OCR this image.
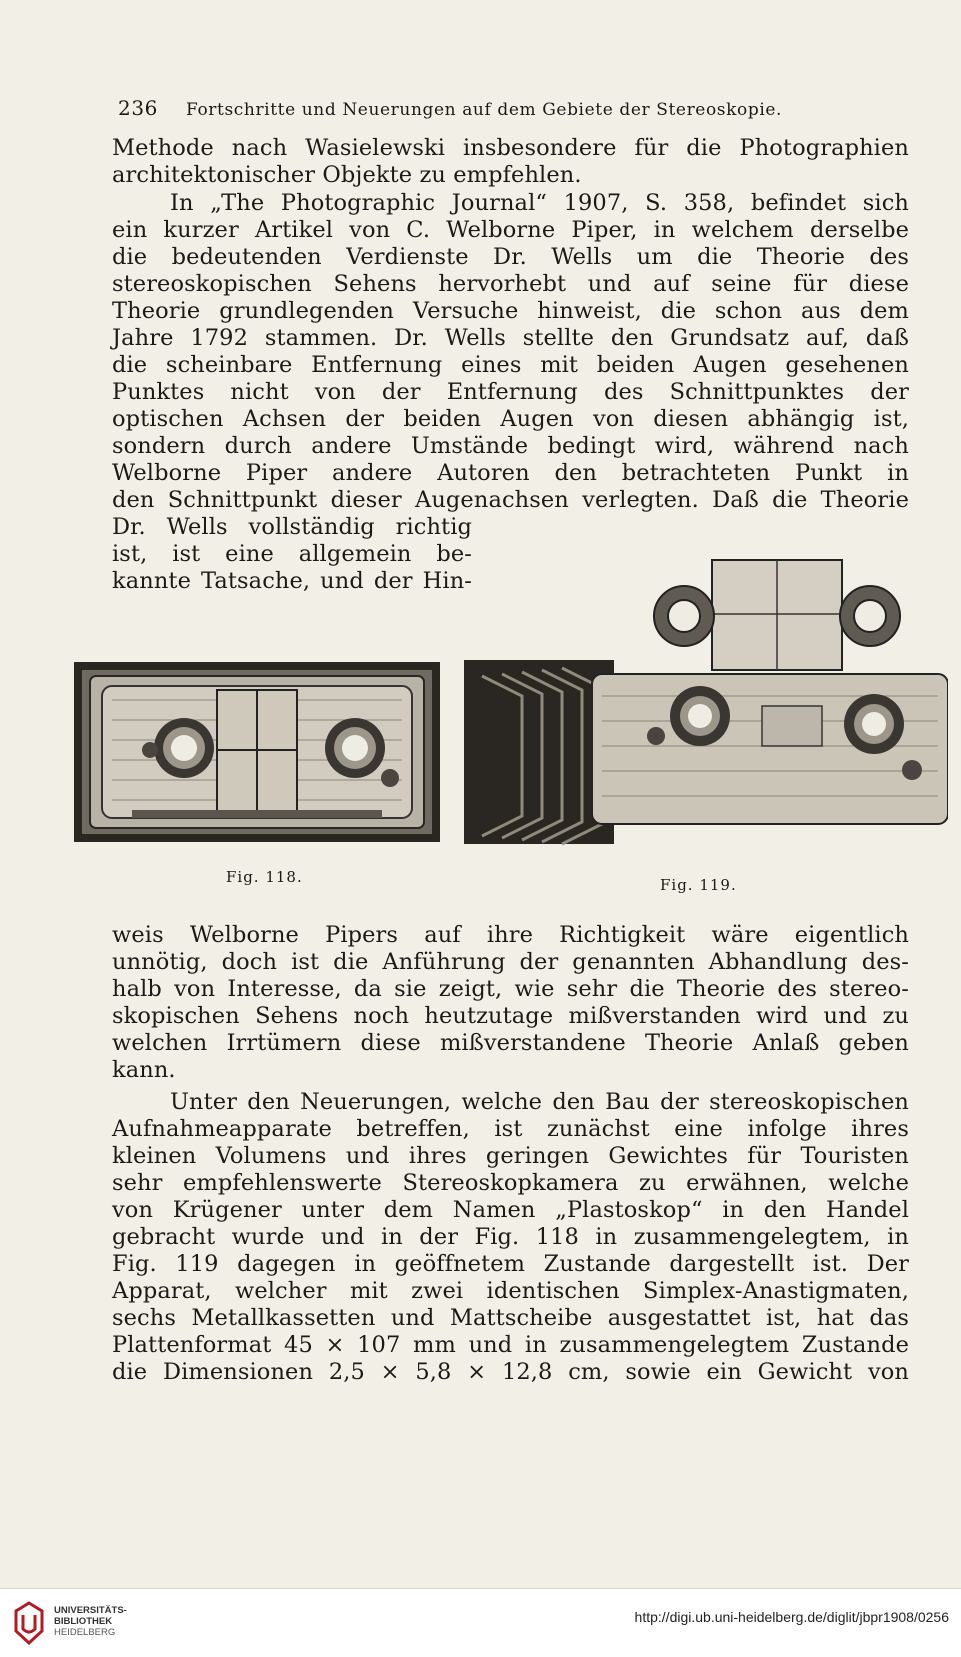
236 Fortschritte und Neuerungen auf dem Gebiete der Stereoskopie.
Methode nach Wasielewski insbesondere für die Photographien
architektonischer Objekte zu empfehlen.
In „The Photographic Journal“ 1907, S. 358, befindet sich
ein kurzer Artikel von C. Welborne Piper, in welchem derselbe
die bedeutenden Verdienste Dr. Wells um die Theorie des
stereoskopischen Sehens hervorhebt und auf seine für diese
Theorie grundlegenden Versuche hinweist, die schon aus dem
Jahre 1792 stammen. Dr. Wells stellte den Grundsatz auf, daß
die scheinbare Entfernung eines mit beiden Augen gesehenen
Punktes nicht von der Entfernung des Schnittpunktes der
optischen Achsen der beiden Augen von diesen abhängig ist,
sondern durch andere Umstände bedingt wird, während nach
Welborne Piper andere Autoren den betrachteten Punkt in
den Schnittpunkt dieser Augenachsen verlegten. Daß die Theorie
Dr. Wells vollständig richtig
ist, ist eine allgemein be-
kannte Tatsache, und der Hin-
Fig. 118.	Fig. 119.
weis Welborne Pipers auf ihre Richtigkeit wäre eigentlich
unnötig, doch ist die Anführung der genannten Abhandlung des-
halb von Interesse, da sie zeigt, wie sehr die Theorie des stereo-
skopischen Sehens noch heutzutage mißverstanden wird und zu
welchen Irrtümern diese mißverstandene Theorie Anlaß geben
kann.
Unter den Neuerungen, welche den Bau der stereoskopischen
Aufnahmeapparate betreffen, ist zunächst eine infolge ihres
kleinen Volumens und ihres geringen Gewichtes für Touristen
sehr empfehlenswerte Stereoskopkamera zu erwähnen, welche
von Krügener unter dem Namen „Plastoskop“ in den Handel
gebracht wurde und in der Fig. 118 in zusammengelegtem, in
Fig. 119 dagegen in geöffnetem Zustande dargestellt ist. Der
Apparat, welcher mit zwei identischen Simplex-Anastigmaten,
sechs Metallkassetten und Mattscheibe ausgestattet ist, hat das
Plattenformat 45 × 107 mm und in zusammengelegtem Zustande
die Dimensionen 2,5 × 5,8 × 12,8 cm, sowie ein Gewicht von
UNIVERSITÄTS-
BIBLIOTHEK
HEIDELBERG
http://digi.ub.uni-heidelberg.de/diglit/jbpr1908/0256
